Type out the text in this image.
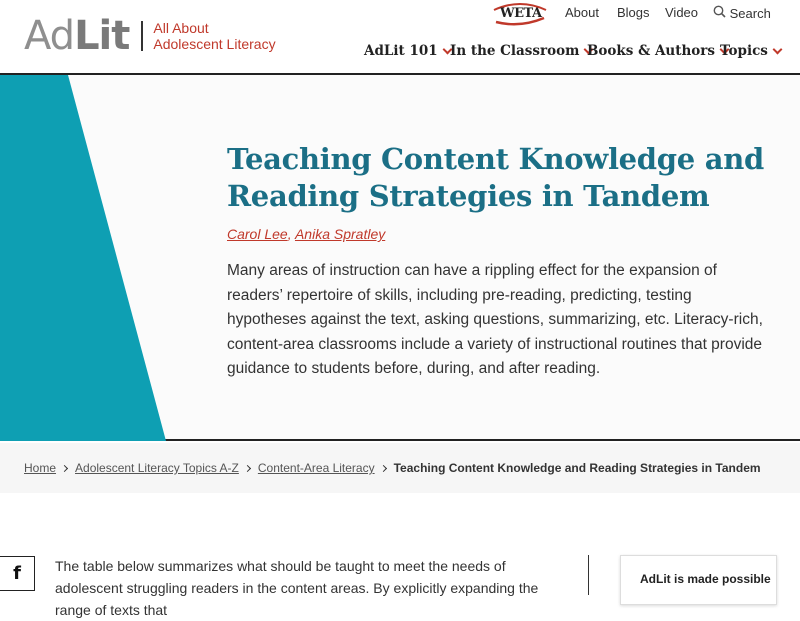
AdLit All About
Adolescent Literacy
WETA About Blogs Video	Search
AdLit 101 In the Classroom Books & Authors Topics
Teaching Content Knowledge and Reading Strategies in Tandem
Carol Lee, Anika Spratley

Many areas of instruction can have a rippling effect for the expansion of readers’ repertoire of skills, including pre-reading, predicting, testing hypotheses against the text, asking questions, summarizing, etc. Literacy-rich, content-area classrooms include a variety of instructional routines that provide guidance to students before, during, and after reading.

Home Adolescent Literacy Topics A-Z Content-Area Literacy Teaching Content Knowledge and Reading Strategies in Tandem
f The table below summarizes what should be taught to meet the needs of adolescent struggling readers in the content areas. By explicitly expanding the range of texts that

AdLit is made possible
